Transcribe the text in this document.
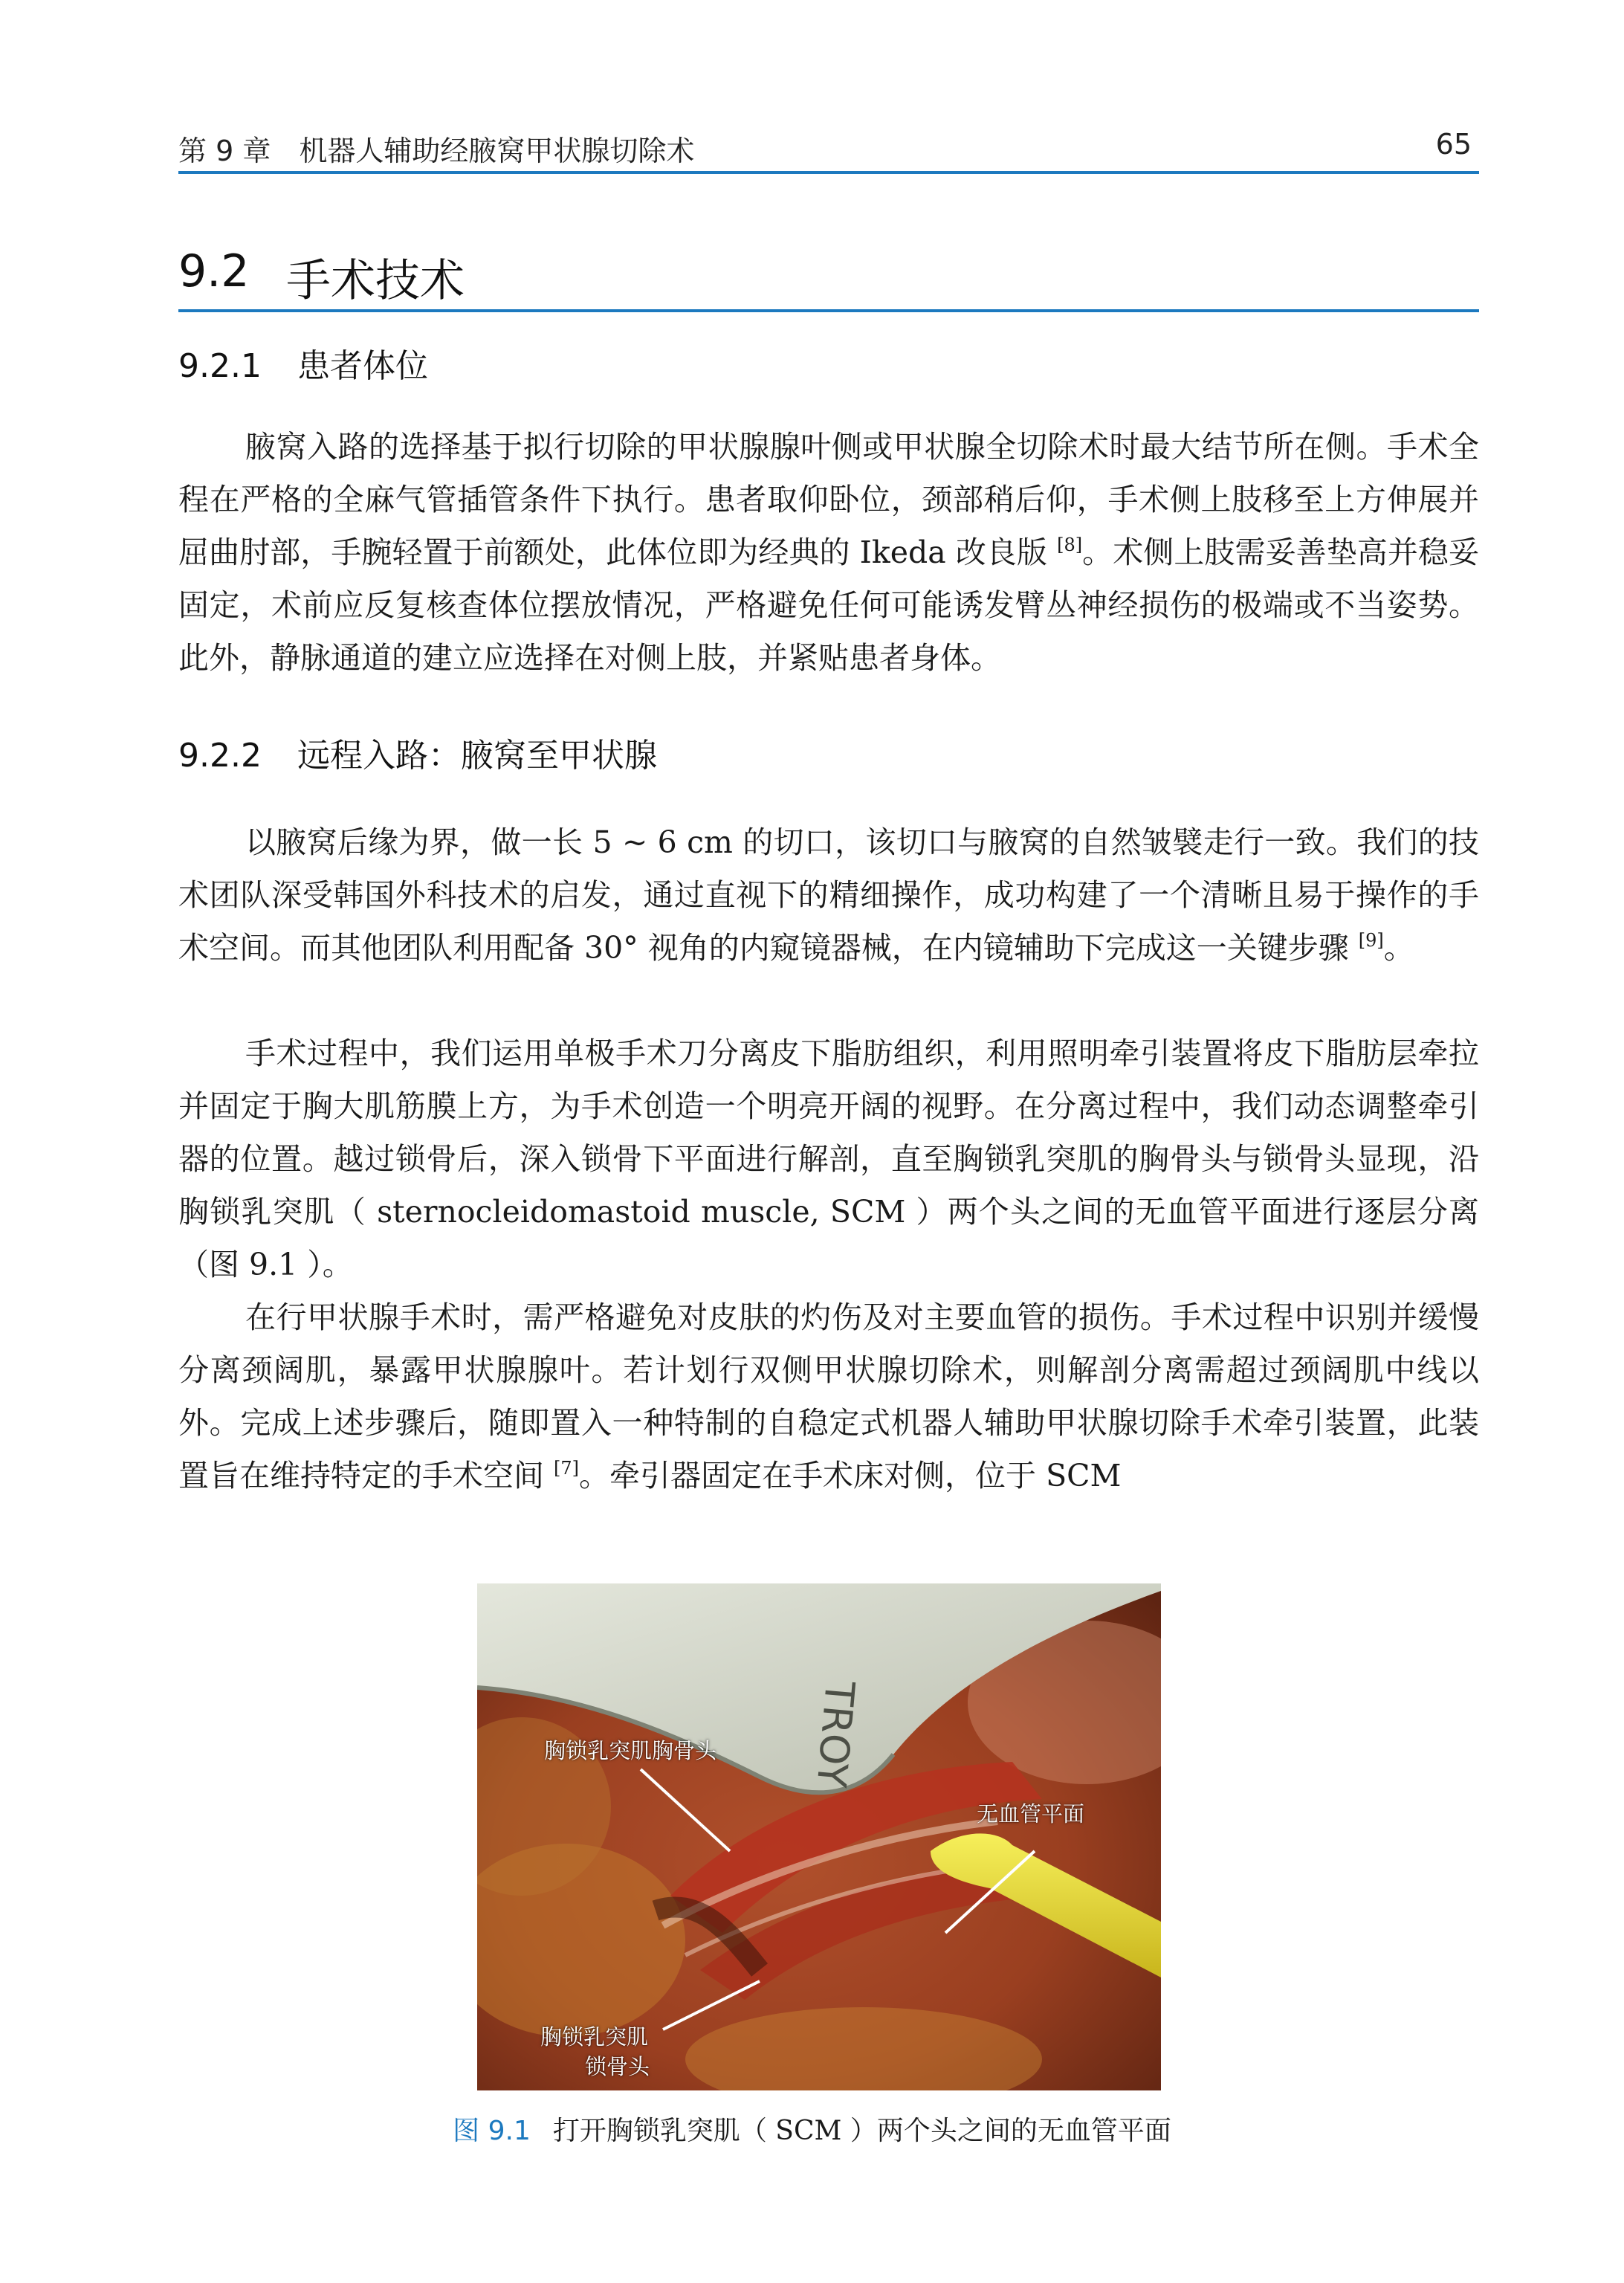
第 9 章　机器人辅助经腋窝甲状腺切除术	65
9.2 手术技术
9.2.1 患者体位

腋窝入路的选择基于拟行切除的甲状腺腺叶侧或甲状腺全切除术时最大结节所在侧。手术全程在严格的全麻气管插管条件下执行。患者取仰卧位，颈部稍后仰，手术侧上肢移至上方伸展并屈曲肘部，手腕轻置于前额处，此体位即为经典的 Ikeda 改良版 [8]。术侧上肢需妥善垫高并稳妥固定，术前应反复核查体位摆放情况，严格避免任何可能诱发臂丛神经损伤的极端或不当姿势。此外，静脉通道的建立应选择在对侧上肢，并紧贴患者身体。

9.2.2 远程入路：腋窝至甲状腺

以腋窝后缘为界，做一长 5 ~ 6 cm 的切口，该切口与腋窝的自然皱襞走行一致。我们的技术团队深受韩国外科技术的启发，通过直视下的精细操作，成功构建了一个清晰且易于操作的手术空间。而其他团队利用配备 30° 视角的内窥镜器械，在内镜辅助下完成这一关键步骤 [9]。

手术过程中，我们运用单极手术刀分离皮下脂肪组织，利用照明牵引装置将皮下脂肪层牵拉并固定于胸大肌筋膜上方，为手术创造一个明亮开阔的视野。在分离过程中，我们动态调整牵引器的位置。越过锁骨后，深入锁骨下平面进行解剖，直至胸锁乳突肌的胸骨头与锁骨头显现，沿胸锁乳突肌（ sternocleidomastoid muscle, SCM ）两个头之间的无血管平面进行逐层分离（图 9.1 ）。

在行甲状腺手术时，需严格避免对皮肤的灼伤及对主要血管的损伤。手术过程中识别并缓慢分离颈阔肌，暴露甲状腺腺叶。若计划行双侧甲状腺切除术，则解剖分离需超过颈阔肌中线以外。完成上述步骤后，随即置入一种特制的自稳定式机器人辅助甲状腺切除手术牵引装置，此装置旨在维持特定的手术空间 [7]。牵引器固定在手术床对侧，位于 SCM

TROY
胸锁乳突肌胸骨头
无血管平面
胸锁乳突肌
锁骨头
图 9.1 打开胸锁乳突肌（ SCM ）两个头之间的无血管平面
